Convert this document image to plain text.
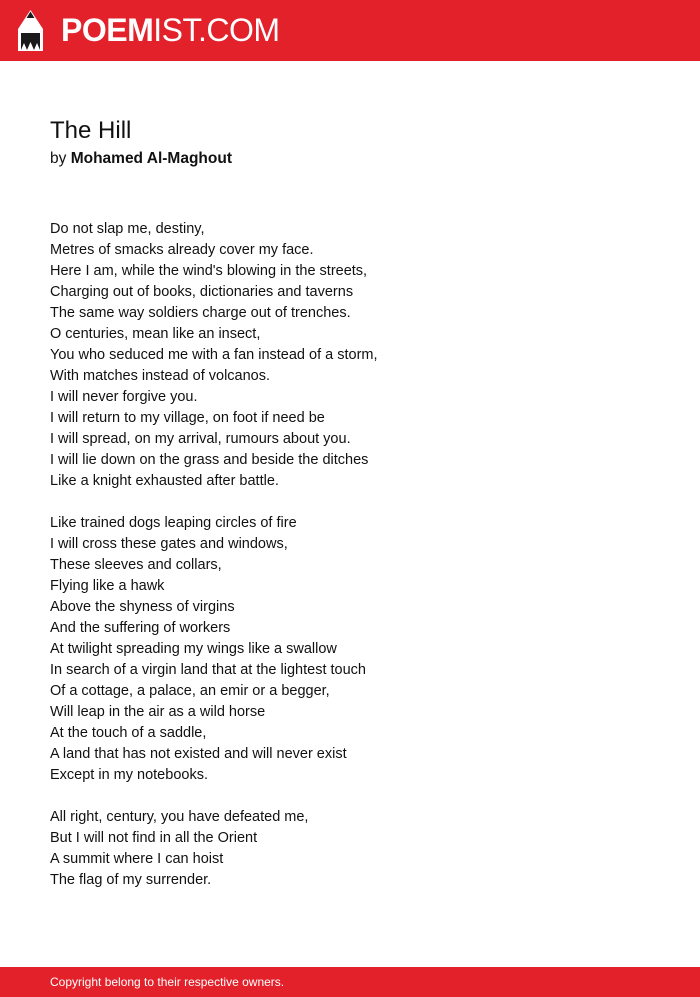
POEMIST.COM
The Hill
by Mohamed Al-Maghout
Do not slap me, destiny,
Metres of smacks already cover my face.
Here I am, while the wind's blowing in the streets,
Charging out of books, dictionaries and taverns
The same way soldiers charge out of trenches.
O centuries, mean like an insect,
You who seduced me with a fan instead of a storm,
With matches instead of volcanos.
I will never forgive you.
I will return to my village, on foot if need be
I will spread, on my arrival, rumours about you.
I will lie down on the grass and beside the ditches
Like a knight exhausted after battle.
Like trained dogs leaping circles of fire
I will cross these gates and windows,
These sleeves and collars,
Flying like a hawk
Above the shyness of virgins
And the suffering of workers
At twilight spreading my wings like a swallow
In search of a virgin land that at the lightest touch
Of a cottage, a palace, an emir or a begger,
Will leap in the air as a wild horse
At the touch of a saddle,
A land that has not existed and will never exist
Except in my notebooks.
All right, century, you have defeated me,
But I will not find in all the Orient
A summit where I can hoist
The flag of my surrender.
Copyright belong to their respective owners.
